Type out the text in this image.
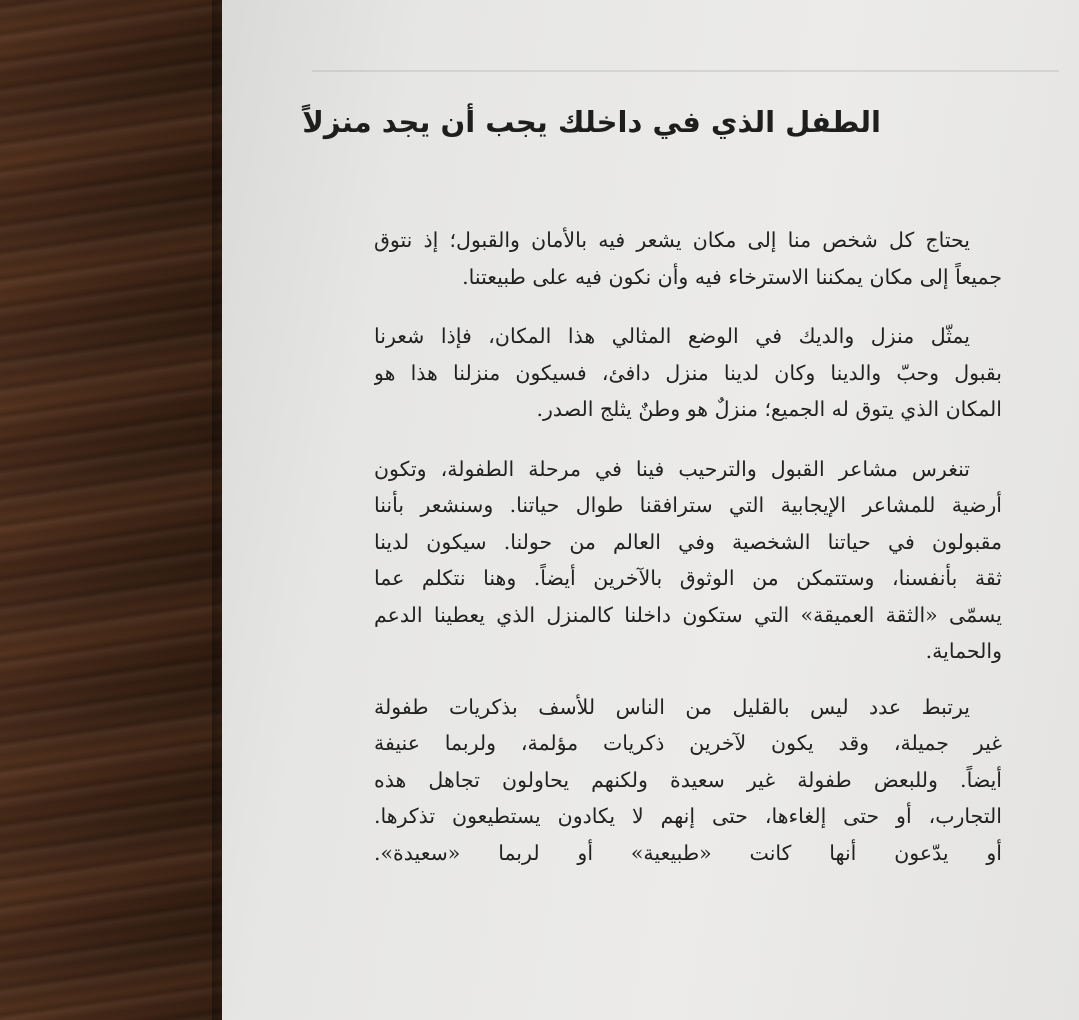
الطفل الذي في داخلك يجب أن يجد منزلاً
يحتاج كل شخص منا إلى مكان يشعر فيه بالأمان والقبول؛ إذ نتوق
جميعاً إلى مكان يمكننا الاسترخاء فيه وأن نكون فيه على طبيعتنا.
يمثّل منزل والديك في الوضع المثالي هذا المكان، فإذا شعرنا
بقبول وحبّ والدينا وكان لدينا منزل دافئ، فسيكون منزلنا هذا هو
المكان الذي يتوق له الجميع؛ منزلٌ هو وطنٌ يثلج الصدر.
تنغرس مشاعر القبول والترحيب فينا في مرحلة الطفولة، وتكون
أرضية للمشاعر الإيجابية التي سترافقنا طوال حياتنا. وسنشعر بأننا
مقبولون في حياتنا الشخصية وفي العالم من حولنا. سيكون لدينا
ثقة بأنفسنا، وستتمكن من الوثوق بالآخرين أيضاً. وهنا نتكلم عما
يسمّى «الثقة العميقة» التي ستكون داخلنا كالمنزل الذي يعطينا الدعم
والحماية.
يرتبط عدد ليس بالقليل من الناس للأسف بذكريات طفولة
غير جميلة، وقد يكون لآخرين ذكريات مؤلمة، ولربما عنيفة
أيضاً. وللبعض طفولة غير سعيدة ولكنهم يحاولون تجاهل هذه
التجارب، أو حتى إلغاءها، حتى إنهم لا يكادون يستطيعون تذكرها.
أو يدّعون أنها كانت «طبيعية» أو لربما «سعيدة».
